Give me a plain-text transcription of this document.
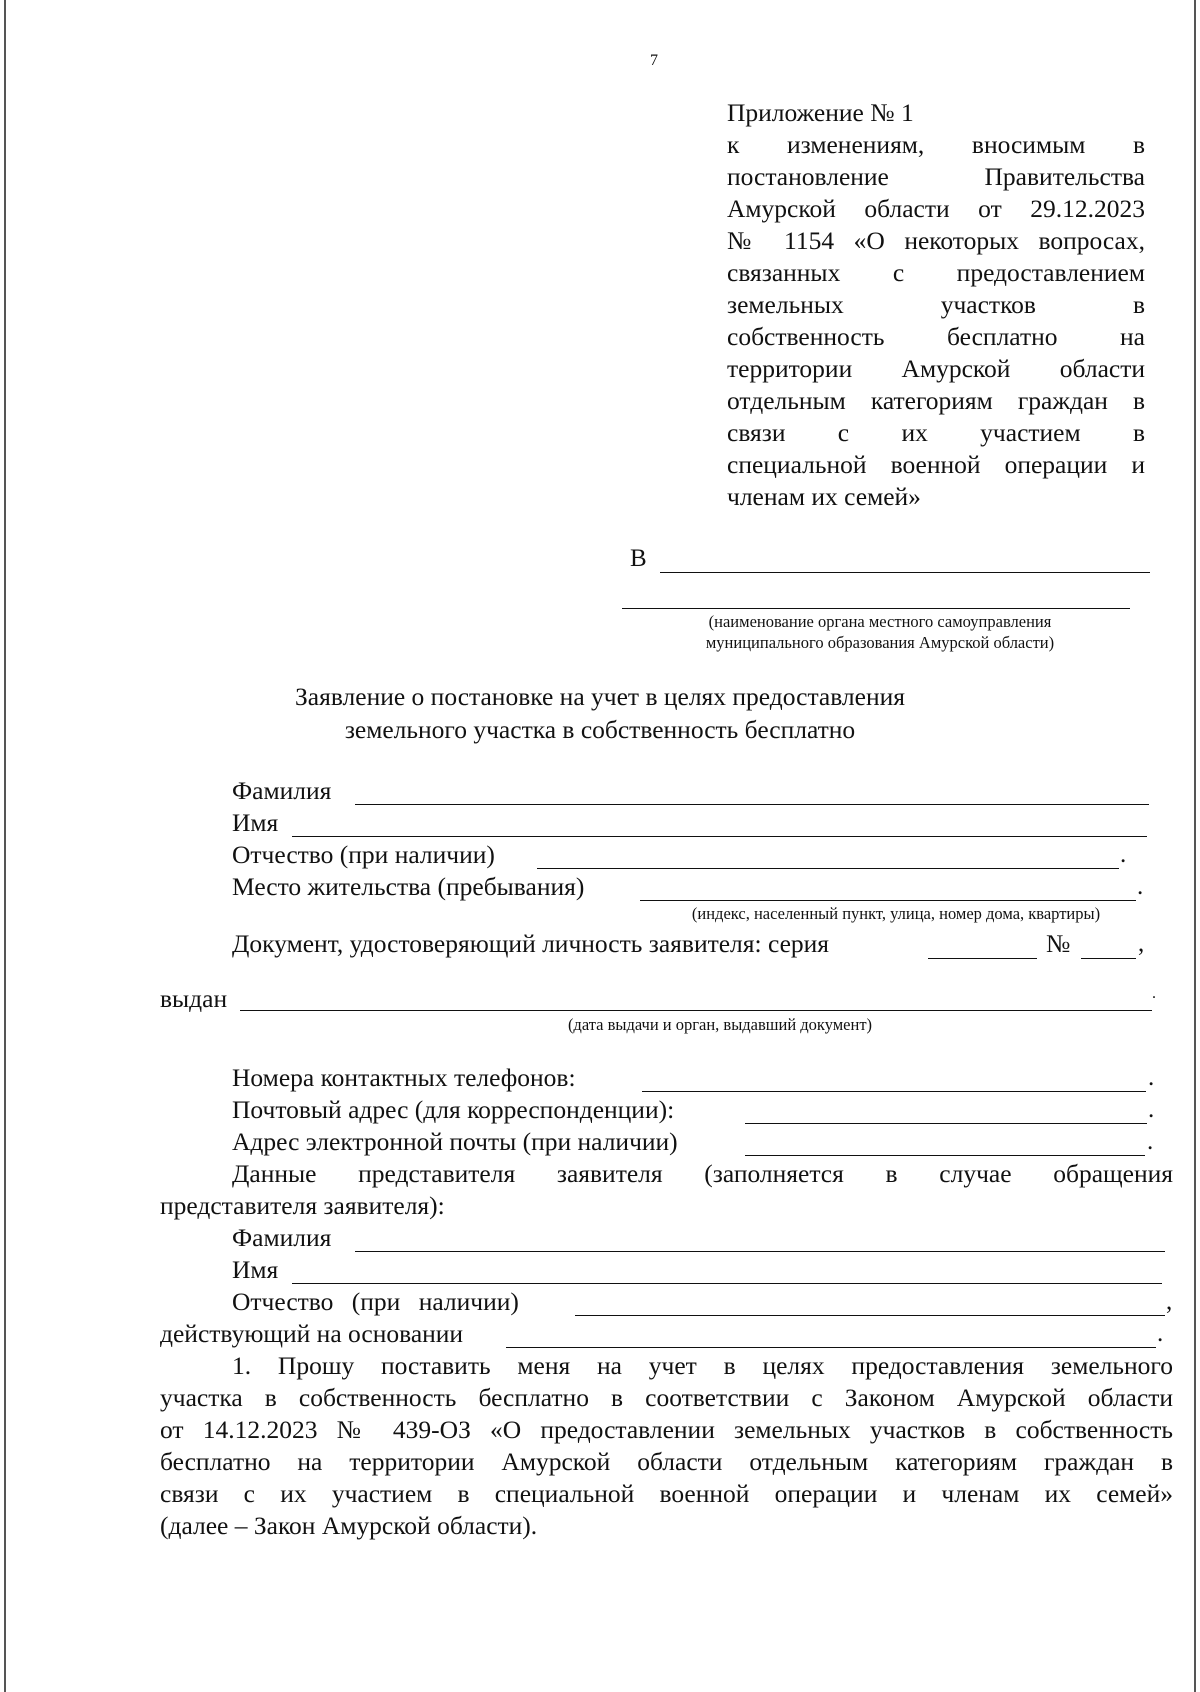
7
Приложение № 1
к изменениям, вносимым в
постановление Правительства
Амурской области от 29.12.2023
№ 1154 «О некоторых вопросах,
связанных с предоставлением
земельных участков в
собственность бесплатно на
территории Амурской области
отдельным категориям граждан в
связи с их участием в
специальной военной операции и
членам их семей»
В
(наименование органа местного самоуправления
муниципального образования Амурской области)
Заявление о постановке на учет в целях предоставления
земельного участка в собственность бесплатно
Фамилия
Имя
Отчество (при наличии)	.
Место жительства (пребывания)	.
(индекс, населенный пункт, улица, номер дома, квартиры)
Документ, удостоверяющий личность заявителя: серия	№	,
выдан	.
(дата выдачи и орган, выдавший документ)
Номера контактных телефонов:	.
Почтовый адрес (для корреспонденции):	.
Адрес электронной почты (при наличии)	.
Данные представителя заявителя (заполняется в случае обращения
представителя заявителя):
Фамилия
Имя
Отчество (при наличии)	,
действующий на основании	.
1. Прошу поставить меня на учет в целях предоставления земельного
участка в собственность бесплатно в соответствии с Законом Амурской области
от 14.12.2023 № 439-ОЗ «О предоставлении земельных участков в собственность
бесплатно на территории Амурской области отдельным категориям граждан в
связи с их участием в специальной военной операции и членам их семей»
(далее – Закон Амурской области).
